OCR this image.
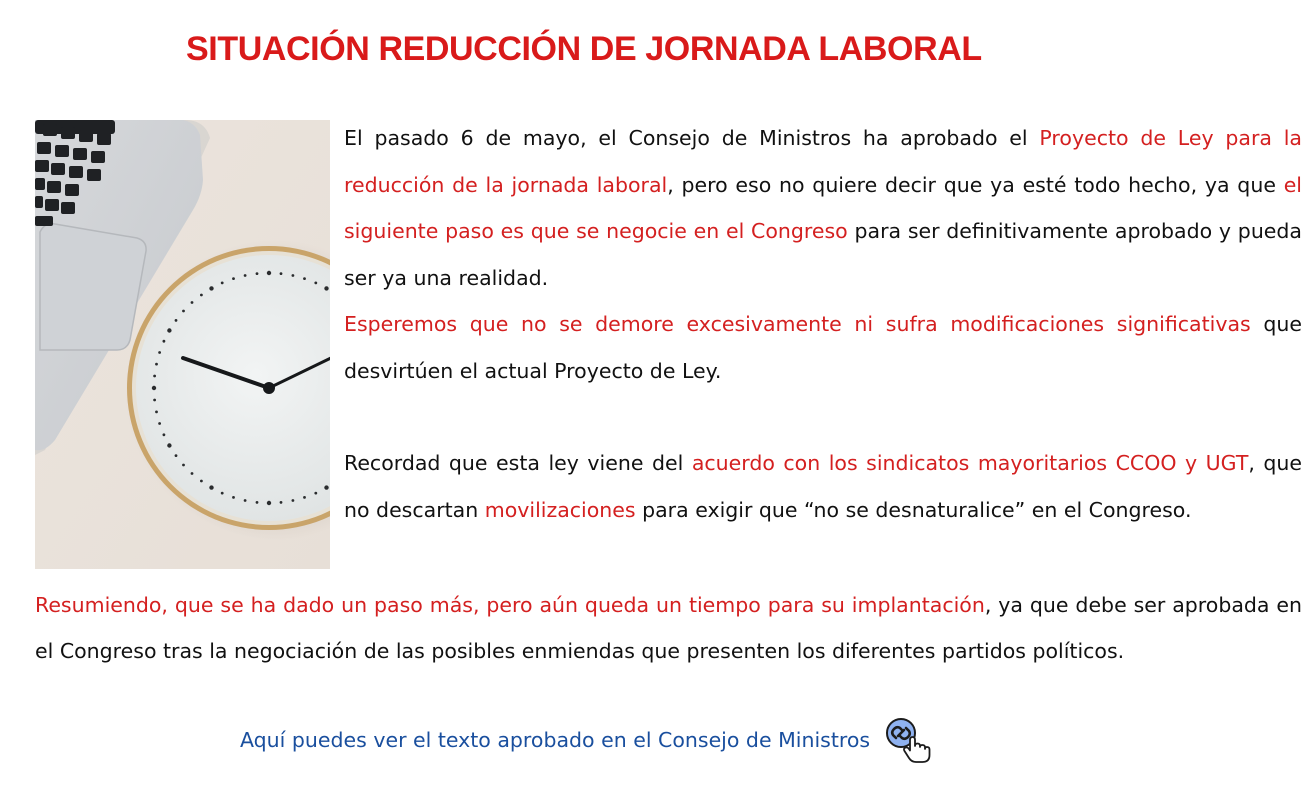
SITUACIÓN REDUCCIÓN DE JORNADA LABORAL

El pasado 6 de mayo, el Consejo de Ministros ha aprobado el Proyecto de Ley para la reducción de la jornada laboral, pero eso no quiere decir que ya esté todo hecho, ya que el siguiente paso es que se negocie en el Congreso para ser definitivamente aprobado y pueda ser ya una realidad.

Esperemos que no se demore excesivamente ni sufra modificaciones significativas que desvirtúen el actual Proyecto de Ley.

Recordad que esta ley viene del acuerdo con los sindicatos mayoritarios CCOO y UGT, que no descartan movilizaciones para exigir que “no se desnaturalice” en el Congreso.

Resumiendo, que se ha dado un paso más, pero aún queda un tiempo para su implantación, ya que debe ser aprobada en el Congreso tras la negociación de las posibles enmiendas que presenten los diferentes partidos políticos.

Aquí puedes ver el texto aprobado en el Consejo de Ministros
